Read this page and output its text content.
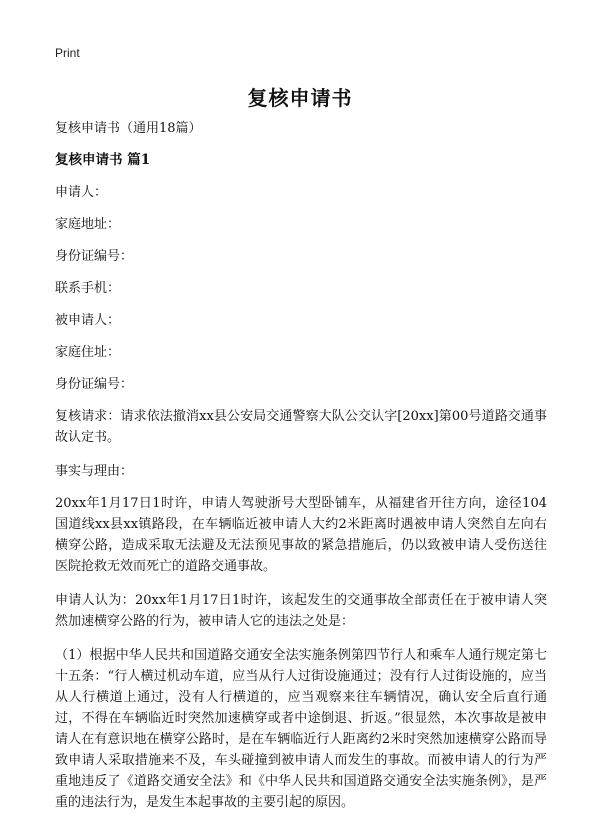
Print
复核申请书

复核申请书（通用18篇）

复核申请书 篇1

申请人：

家庭地址：

身份证编号：

联系手机：

被申请人：

家庭住址：

身份证编号：

复核请求：请求依法撤消xx县公安局交通警察大队公交认字[20xx]第00号道路交通事故认定书。

事实与理由：

20xx年1月17日1时许，申请人驾驶浙号大型卧铺车，从福建省开往方向，途径104国道线xx县xx镇路段，在车辆临近被申请人大约2米距离时遇被申请人突然自左向右横穿公路，造成采取无法避及无法预见事故的紧急措施后，仍以致被申请人受伤送往医院抢救无效而死亡的道路交通事故。

申请人认为：20xx年1月17日1时许，该起发生的交通事故全部责任在于被申请人突然加速横穿公路的行为，被申请人它的违法之处是：

（1）根据中华人民共和国道路交通安全法实施条例第四节行人和乘车人通行规定第七十五条：“行人横过机动车道，应当从行人过街设施通过；没有行人过街设施的，应当从人行横道上通过，没有人行横道的，应当观察来往车辆情况，确认安全后直行通过，不得在车辆临近时突然加速横穿或者中途倒退、折返。”很显然，本次事故是被申请人在有意识地在横穿公路时，是在车辆临近行人距离约2米时突然加速横穿公路而导致申请人采取措施来不及，车头碰撞到被申请人而发生的事故。而被申请人的行为严重地违反了《道路交通安全法》和《中华人民共和国道路交通安全法实施条例》，是严重的违法行为，是发生本起事故的主要引起的原因。
